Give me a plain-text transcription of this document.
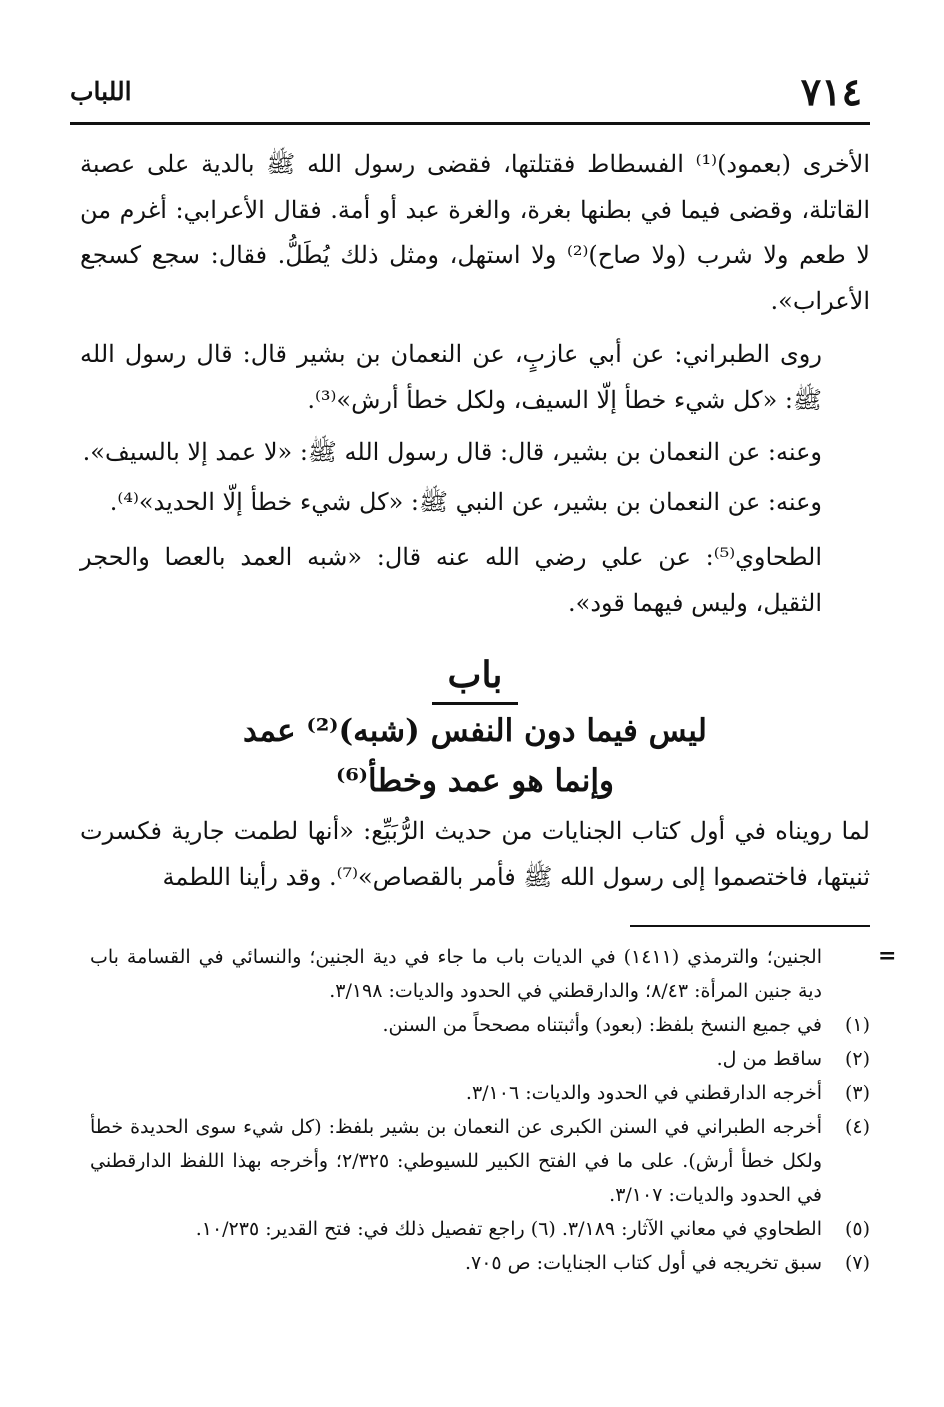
٧١٤
اللباب

الأخرى (بعمود)⁽¹⁾ الفسطاط فقتلتها، فقضى رسول الله ﷺ بالدية على عصبة القاتلة، وقضى فيما في بطنها بغرة، والغرة عبد أو أمة. فقال الأعرابي: أغرم من لا طعم ولا شرب (ولا صاح)⁽²⁾ ولا استهل، ومثل ذلك يُطَلُّ. فقال: سجع كسجع الأعراب».

روى الطبراني: عن أبي عازبٍ، عن النعمان بن بشير قال: قال رسول الله ﷺ: «كل شيء خطأ إلّا السيف، ولكل خطأ أرش»⁽³⁾.

وعنه: عن النعمان بن بشير، قال: قال رسول الله ﷺ: «لا عمد إلا بالسيف».

وعنه: عن النعمان بن بشير، عن النبي ﷺ: «كل شيء خطأ إلّا الحديد»⁽⁴⁾.

الطحاوي⁽⁵⁾: عن علي رضي الله عنه قال: «شبه العمد بالعصا والحجر الثقيل، وليس فيهما قود».

باب

ليس فيما دون النفس (شبه)⁽²⁾ عمد

وإنما هو عمد وخطأ⁽⁶⁾

لما رويناه في أول كتاب الجنايات من حديث الرُّبَيِّع: «أنها لطمت جارية فكسرت ثنيتها، فاختصموا إلى رسول الله ﷺ فأمر بالقصاص»⁽⁷⁾. وقد رأينا اللطمة

=

الجنين؛ والترمذي (١٤١١) في الديات باب ما جاء في دية الجنين؛ والنسائي في القسامة باب دية جنين المرأة: ٨/٤٣؛ والدارقطني في الحدود والديات: ٣/١٩٨.

(١)
في جميع النسخ بلفظ: (بعود) وأثبتناه مصححاً من السنن.
(٢)
ساقط من ل.
(٣)
أخرجه الدارقطني في الحدود والديات: ٣/١٠٦.
(٤)
أخرجه الطبراني في السنن الكبرى عن النعمان بن بشير بلفظ: (كل شيء سوى الحديدة خطأ ولكل خطأ أرش). على ما في الفتح الكبير للسيوطي: ٢/٣٢٥؛ وأخرجه بهذا اللفظ الدارقطني في الحدود والديات: ٣/١٠٧.
(٥)
الطحاوي في معاني الآثار: ٣/١٨٩. (٦) راجع تفصيل ذلك في: فتح القدير: ١٠/٢٣٥.
(٧)
سبق تخريجه في أول كتاب الجنايات: ص ٧٠٥.
